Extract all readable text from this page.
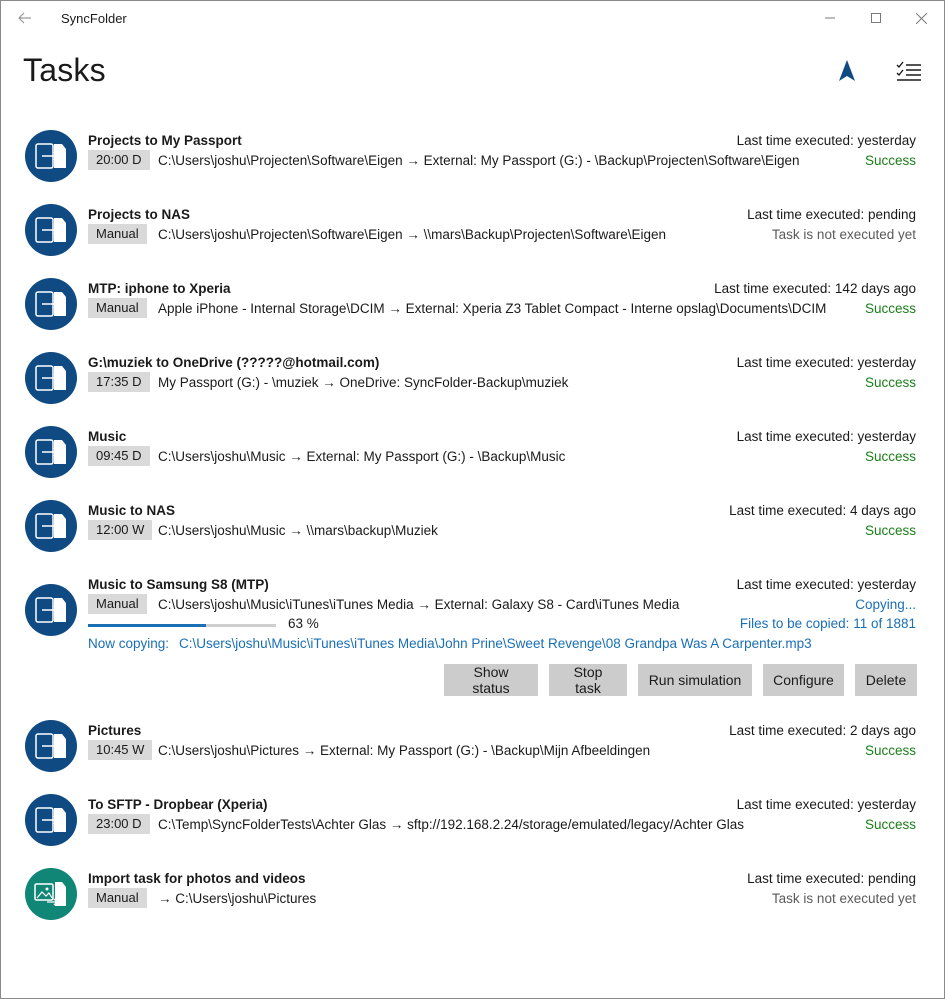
SyncFolder
Tasks
Projects to My Passport
20:00 D	C:\Users\joshu\Projecten\Software\Eigen → External: My Passport (G:) - \Backup\Projecten\Software\Eigen
Last time executed: yesterday
Success
Projects to NAS
Manual	C:\Users\joshu\Projecten\Software\Eigen → \\mars\Backup\Projecten\Software\Eigen
Last time executed: pending
Task is not executed yet
MTP: iphone to Xperia
Manual	Apple iPhone - Internal Storage\DCIM → External: Xperia Z3 Tablet Compact - Interne opslag\Documents\DCIM
Last time executed: 142 days ago
Success
G:\muziek to OneDrive (?????@hotmail.com)
17:35 D	My Passport (G:) - \muziek → OneDrive: SyncFolder-Backup\muziek
Last time executed: yesterday
Success
Music
09:45 D	C:\Users\joshu\Music → External: My Passport (G:) - \Backup\Music
Last time executed: yesterday
Success
Music to NAS
12:00 W	C:\Users\joshu\Music → \\mars\backup\Muziek
Last time executed: 4 days ago
Success
Music to Samsung S8 (MTP)
Manual	C:\Users\joshu\Music\iTunes\iTunes Media → External: Galaxy S8 - Card\iTunes Media
Last time executed: yesterday
Copying...
63 %	Files to be copied: 11 of 1881
Now copying: C:\Users\joshu\Music\iTunes\iTunes Media\John Prine\Sweet Revenge\08 Grandpa Was A Carpenter.mp3
Show status
Stop task	Run simulation	Configure	Delete
Pictures
10:45 W	C:\Users\joshu\Pictures → External: My Passport (G:) - \Backup\Mijn Afbeeldingen
Last time executed: 2 days ago
Success
To SFTP - Dropbear (Xperia)
23:00 D	C:\Temp\SyncFolderTests\Achter Glas → sftp://192.168.2.24/storage/emulated/legacy/Achter Glas
Last time executed: yesterday
Success
Import task for photos and videos
Manual	→ C:\Users\joshu\Pictures
Last time executed: pending
Task is not executed yet
